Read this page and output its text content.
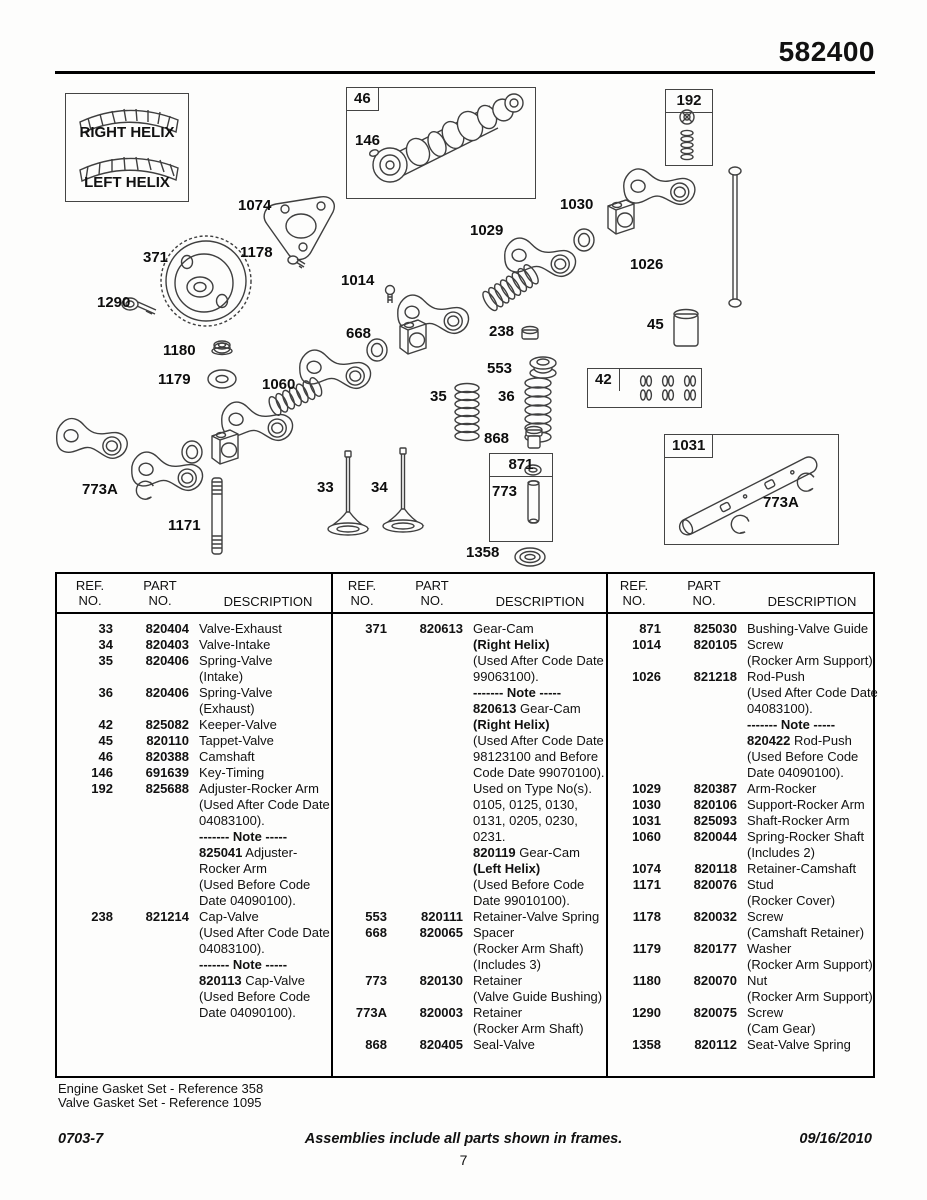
582400
RIGHT HELIX
LEFT HELIX
46	192
42
871
1031
146
1074	1030
1029
371	1178
1014
1026
1290
45
668	238
1180
553
1179	1060
35	36
868
773
33 34
773A
773A
1171
1358
REF.
NO.
PART
NO.	DESCRIPTION
REF.
NO.
PART
NO.	DESCRIPTION
REF.
NO.
PART
NO.	DESCRIPTION
33	820404 Valve-Exhaust
34	820403 Valve-Intake
35	820406 Spring-Valve
(Intake)
36	820406 Spring-Valve
(Exhaust)
42	825082 Keeper-Valve
45	820110 Tappet-Valve
46	820388 Camshaft
146	691639 Key-Timing
192	825688 Adjuster-Rocker Arm
(Used After Code Date
04083100).
------- Note -----
825041 Adjuster-
Rocker Arm
(Used Before Code
Date 04090100).
238	821214 Cap-Valve
(Used After Code Date
04083100).
------- Note -----
820113 Cap-Valve
(Used Before Code
Date 04090100).
371	820613 Gear-Cam
(Right Helix)
(Used After Code Date
99063100).
------- Note -----
820613 Gear-Cam
(Right Helix)
(Used After Code Date
98123100 and Before
Code Date 99070100).
Used on Type No(s).
0105, 0125, 0130,
0131, 0205, 0230,
0231.
820119 Gear-Cam
(Left Helix)
(Used Before Code
Date 99010100).
553	820111 Retainer-Valve Spring
668	820065 Spacer
(Rocker Arm Shaft)
(Includes 3)
773	820130 Retainer
(Valve Guide Bushing)
773A	820003 Retainer
(Rocker Arm Shaft)
868	820405 Seal-Valve
871	825030 Bushing-Valve Guide
1014	820105 Screw
(Rocker Arm Support)
1026	821218 Rod-Push
(Used After Code Date
04083100).
------- Note -----
820422 Rod-Push
(Used Before Code
Date 04090100).
1029	820387 Arm-Rocker
1030	820106 Support-Rocker Arm
1031	825093 Shaft-Rocker Arm
1060	820044 Spring-Rocker Shaft
(Includes 2)
1074	820118 Retainer-Camshaft
1171	820076 Stud
(Rocker Cover)
1178	820032 Screw
(Camshaft Retainer)
1179	820177 Washer
(Rocker Arm Support)
1180	820070 Nut
(Rocker Arm Support)
1290	820075 Screw
(Cam Gear)
1358	820112 Seat-Valve Spring
Engine Gasket Set - Reference 358
Valve Gasket Set - Reference 1095
0703-7	Assemblies include all parts shown in frames.	09/16/2010
7
